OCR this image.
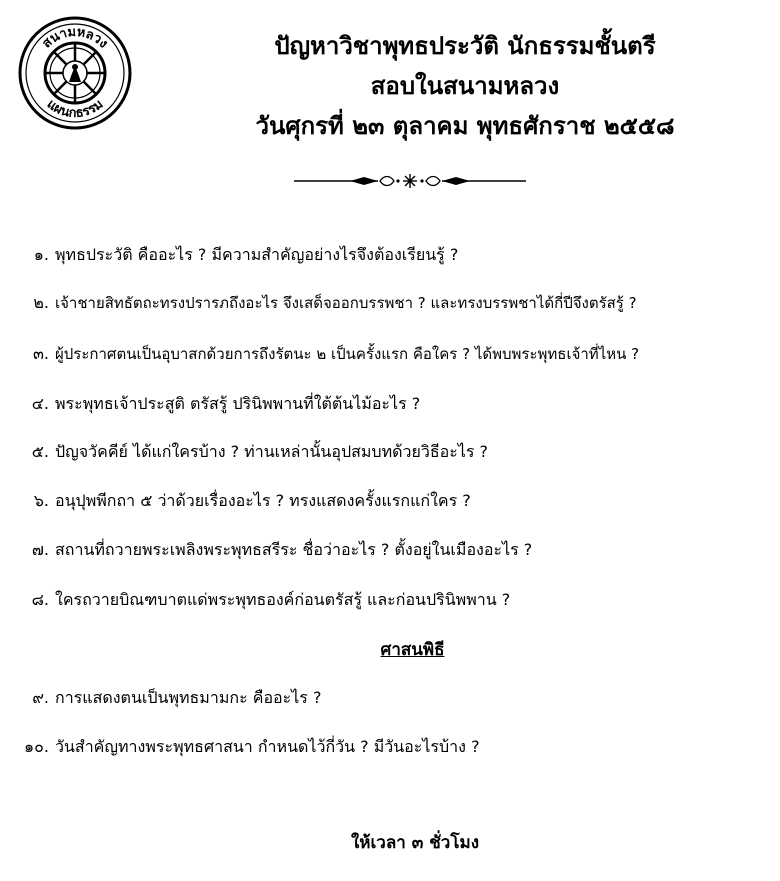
สนามหลวง
แผนกธรรม
ปัญหาวิชาพุทธประวัติ นักธรรมชั้นตรี
สอบในสนามหลวง
วันศุกรที่ ๒๓ ตุลาคม พุทธศักราช ๒๕๕๘
๑. พุทธประวัติ คืออะไร ? มีความสำคัญอย่างไรจึงต้องเรียนรู้ ?
๒. เจ้าชายสิทธัตถะทรงปรารภถึงอะไร จึงเสด็จออกบรรพชา ? และทรงบรรพชาได้กี่ปีจึงตรัสรู้ ?
๓. ผู้ประกาศตนเป็นอุบาสกด้วยการถึงรัตนะ ๒ เป็นครั้งแรก คือใคร ? ได้พบพระพุทธเจ้าที่ไหน ?
๔. พระพุทธเจ้าประสูติ ตรัสรู้ ปรินิพพานที่ใต้ต้นไม้อะไร ?
๕. ปัญจวัคคีย์ ได้แก่ใครบ้าง ? ท่านเหล่านั้นอุปสมบทด้วยวิธีอะไร ?
๖. อนุปุพพีกถา ๕ ว่าด้วยเรื่องอะไร ? ทรงแสดงครั้งแรกแก่ใคร ?
๗. สถานที่ถวายพระเพลิงพระพุทธสรีระ ชื่อว่าอะไร ? ตั้งอยู่ในเมืองอะไร ?
๘. ใครถวายบิณฑบาตแด่พระพุทธองค์ก่อนตรัสรู้ และก่อนปรินิพพาน ?
ศาสนพิธี
๙. การแสดงตนเป็นพุทธมามกะ คืออะไร ?
๑๐. วันสำคัญทางพระพุทธศาสนา กำหนดไว้กี่วัน ? มีวันอะไรบ้าง ?
ให้เวลา ๓ ชั่วโมง
